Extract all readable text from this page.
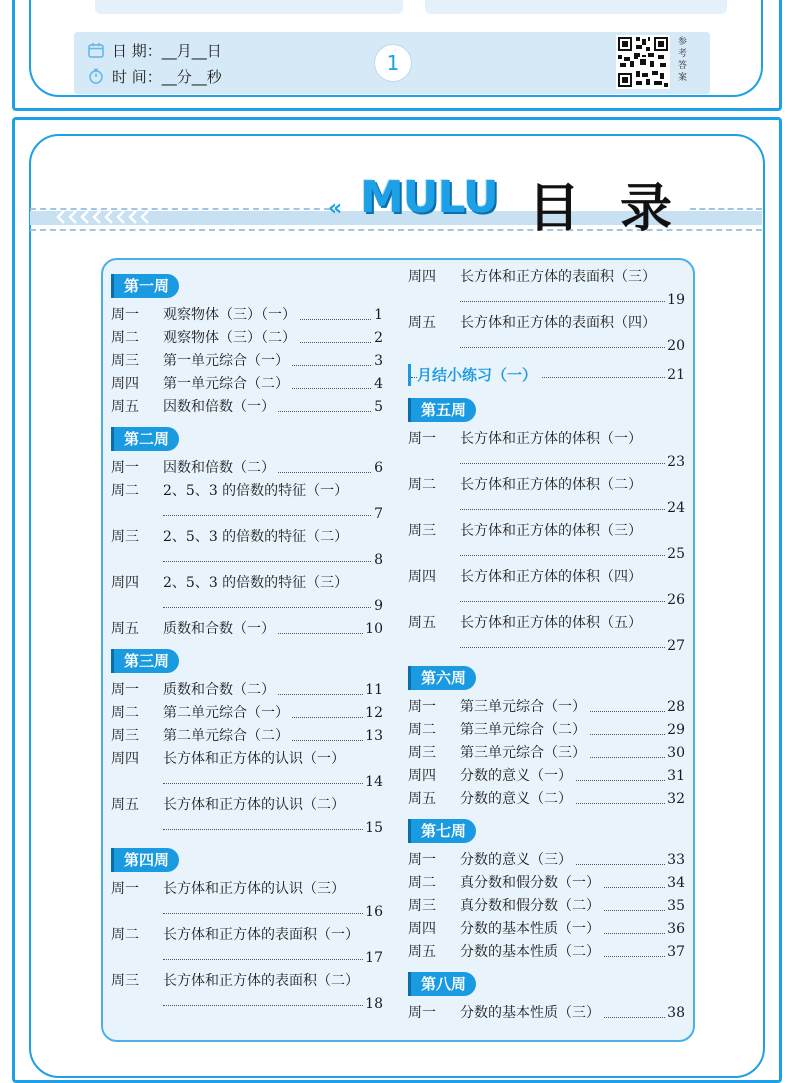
日 期：__月__日
时 间：__分__秒
1
参考答案
« MULU 目录
第一周
周一 观察物体（三）（一）	1
周二 观察物体（三）（二）	2
周三 第一单元综合（一）	3
周四 第一单元综合（二）	4
周五 因数和倍数（一）	5
第二周
周一 因数和倍数（二）	6
周二 2、5、3 的倍数的特征（一）
7
周三 2、5、3 的倍数的特征（二）
8
周四 2、5、3 的倍数的特征（三）
9
周五 质数和合数（一）	10
第三周
周一 质数和合数（二）	11
周二 第二单元综合（一）	12
周三 第二单元综合（二）	13
周四 长方体和正方体的认识（一）
14
周五 长方体和正方体的认识（二）
15
第四周
周一 长方体和正方体的认识（三）
16
周二 长方体和正方体的表面积（一）
17
周三 长方体和正方体的表面积（二）
18
周四 长方体和正方体的表面积（三）
19
周五 长方体和正方体的表面积（四）
20
月结小练习（一）	21
第五周
周一 长方体和正方体的体积（一）
23
周二 长方体和正方体的体积（二）
24
周三 长方体和正方体的体积（三）
25
周四 长方体和正方体的体积（四）
26
周五 长方体和正方体的体积（五）
27
第六周
周一 第三单元综合（一）	28
周二 第三单元综合（二）	29
周三 第三单元综合（三）	30
周四 分数的意义（一）	31
周五 分数的意义（二）	32
第七周
周一 分数的意义（三）	33
周二 真分数和假分数（一）	34
周三 真分数和假分数（二）	35
周四 分数的基本性质（一）	36
周五 分数的基本性质（二）	37
第八周
周一 分数的基本性质（三）	38
